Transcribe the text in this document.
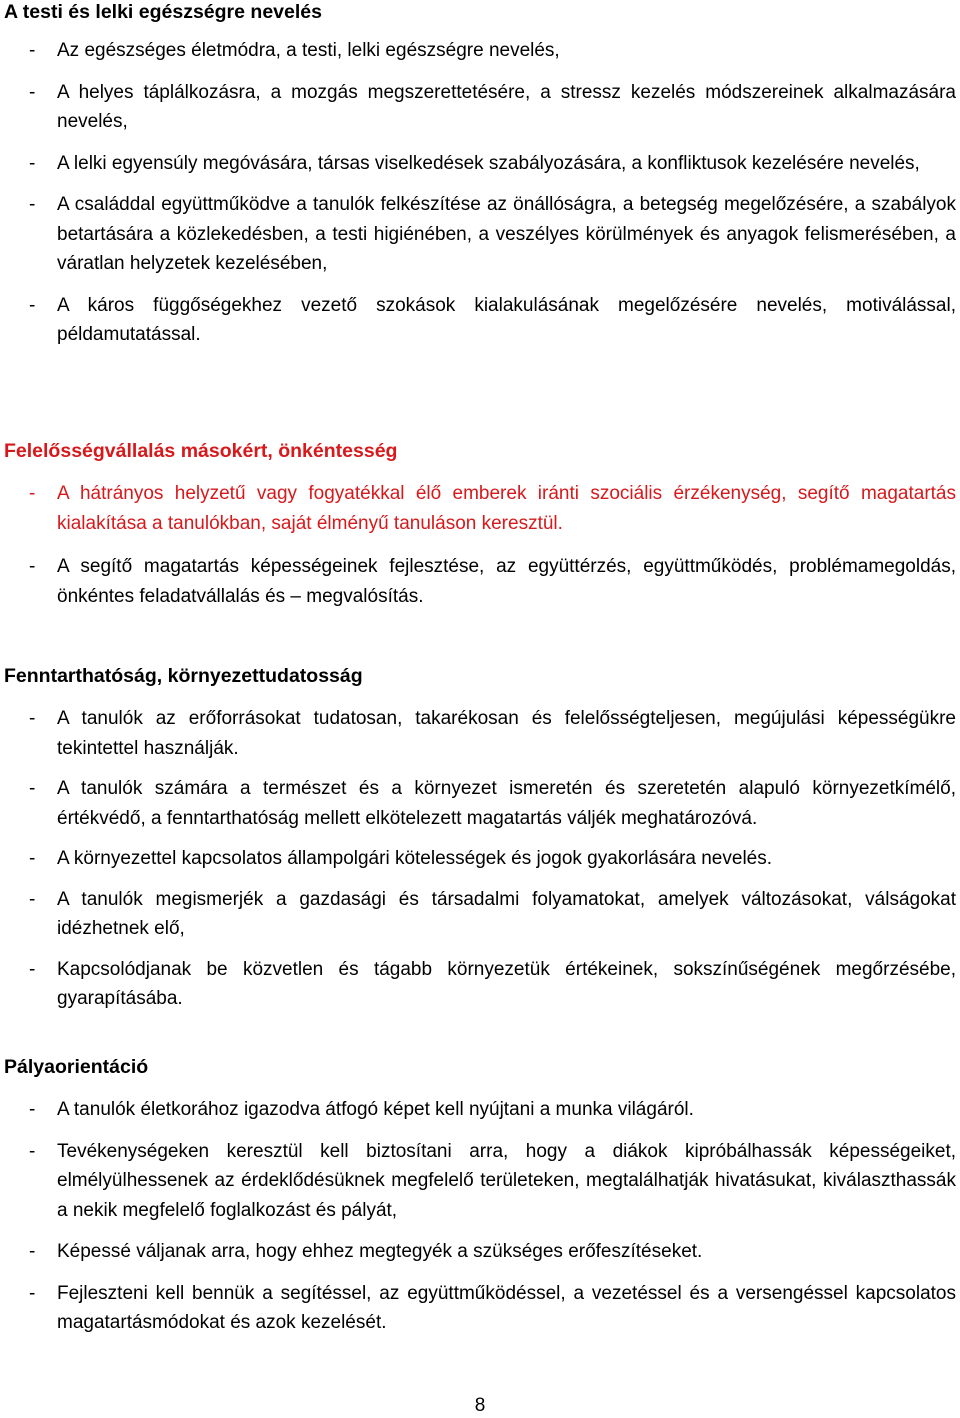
A testi és lelki egészségre nevelés
- Az egészséges életmódra, a testi, lelki egészségre nevelés,
- A helyes táplálkozásra, a mozgás megszerettetésére, a stressz kezelés módszereinek alkalmazására nevelés,
- A lelki egyensúly megóvására, társas viselkedések szabályozására, a konfliktusok kezelésére nevelés,
- A családdal együttműködve a tanulók felkészítése az önállóságra, a betegség megelőzésére, a szabályok betartására a közlekedésben, a testi higiénében, a veszélyes körülmények és anyagok felismerésében, a váratlan helyzetek kezelésében,
- A káros függőségekhez vezető szokások kialakulásának megelőzésére nevelés, motiválással, példamutatással.
Felelősségvállalás másokért, önkéntesség
- A hátrányos helyzetű vagy fogyatékkal élő emberek iránti szociális érzékenység, segítő magatartás kialakítása a tanulókban, saját élményű tanuláson keresztül.
- A segítő magatartás képességeinek fejlesztése, az együttérzés, együttműködés, problémamegoldás, önkéntes feladatvállalás és – megvalósítás.
Fenntarthatóság, környezettudatosság
- A tanulók az erőforrásokat tudatosan, takarékosan és felelősségteljesen, megújulási képességükre tekintettel használják.
- A tanulók számára a természet és a környezet ismeretén és szeretetén alapuló környezetkímélő, értékvédő, a fenntarthatóság mellett elkötelezett magatartás váljék meghatározóvá.
- A környezettel kapcsolatos állampolgári kötelességek és jogok gyakorlására nevelés.
- A tanulók megismerjék a gazdasági és társadalmi folyamatokat, amelyek változásokat, válságokat idézhetnek elő,
- Kapcsolódjanak be közvetlen és tágabb környezetük értékeinek, sokszínűségének megőrzésébe, gyarapításába.
Pályaorientáció
- A tanulók életkorához igazodva átfogó képet kell nyújtani a munka világáról.
- Tevékenységeken keresztül kell biztosítani arra, hogy a diákok kipróbálhassák képességeiket, elmélyülhessenek az érdeklődésüknek megfelelő területeken, megtalálhatják hivatásukat, kiválaszthassák a nekik megfelelő foglalkozást és pályát,
- Képessé váljanak arra, hogy ehhez megtegyék a szükséges erőfeszítéseket.
- Fejleszteni kell bennük a segítéssel, az együttműködéssel, a vezetéssel és a versengéssel kapcsolatos magatartásmódokat és azok kezelését.
8
